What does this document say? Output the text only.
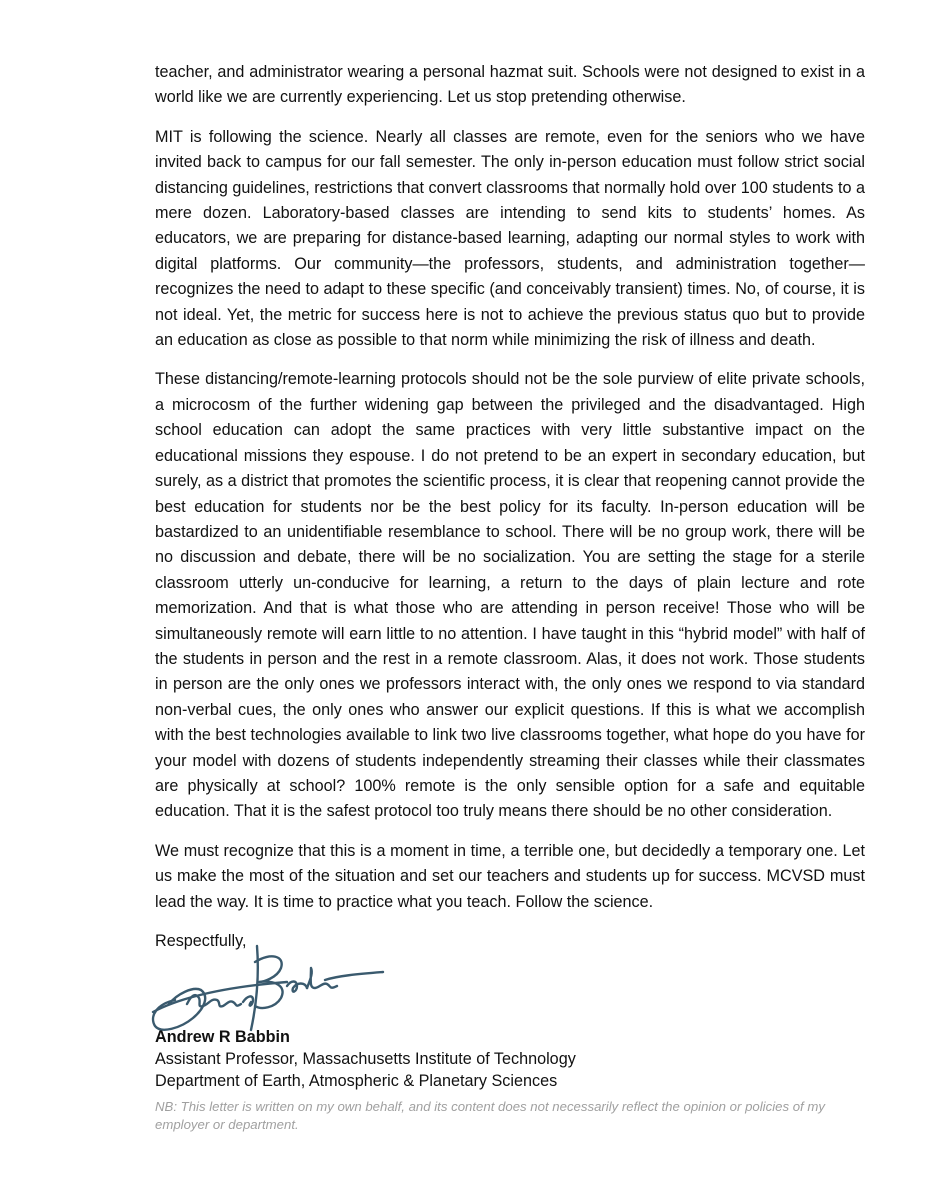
teacher, and administrator wearing a personal hazmat suit. Schools were not designed to exist in a world like we are currently experiencing. Let us stop pretending otherwise.

MIT is following the science. Nearly all classes are remote, even for the seniors who we have invited back to campus for our fall semester. The only in-person education must follow strict social distancing guidelines, restrictions that convert classrooms that normally hold over 100 students to a mere dozen. Laboratory-based classes are intending to send kits to students’ homes. As educators, we are preparing for distance-based learning, adapting our normal styles to work with digital platforms. Our community—the professors, students, and administration together—recognizes the need to adapt to these specific (and conceivably transient) times. No, of course, it is not ideal. Yet, the metric for success here is not to achieve the previous status quo but to provide an education as close as possible to that norm while minimizing the risk of illness and death.

These distancing/remote-learning protocols should not be the sole purview of elite private schools, a microcosm of the further widening gap between the privileged and the disadvantaged. High school education can adopt the same practices with very little substantive impact on the educational missions they espouse. I do not pretend to be an expert in secondary education, but surely, as a district that promotes the scientific process, it is clear that reopening cannot provide the best education for students nor be the best policy for its faculty. In-person education will be bastardized to an unidentifiable resemblance to school. There will be no group work, there will be no discussion and debate, there will be no socialization. You are setting the stage for a sterile classroom utterly un-conducive for learning, a return to the days of plain lecture and rote memorization. And that is what those who are attending in person receive! Those who will be simultaneously remote will earn little to no attention. I have taught in this “hybrid model” with half of the students in person and the rest in a remote classroom. Alas, it does not work. Those students in person are the only ones we professors interact with, the only ones we respond to via standard non-verbal cues, the only ones who answer our explicit questions. If this is what we accomplish with the best technologies available to link two live classrooms together, what hope do you have for your model with dozens of students independently streaming their classes while their classmates are physically at school? 100% remote is the only sensible option for a safe and equitable education. That it is the safest protocol too truly means there should be no other consideration.

We must recognize that this is a moment in time, a terrible one, but decidedly a temporary one. Let us make the most of the situation and set our teachers and students up for success. MCVSD must lead the way. It is time to practice what you teach. Follow the science.

Respectfully,

Andrew R Babbin

Assistant Professor, Massachusetts Institute of Technology

Department of Earth, Atmospheric & Planetary Sciences

NB: This letter is written on my own behalf, and its content does not necessarily reflect the opinion or policies of my employer or department.
